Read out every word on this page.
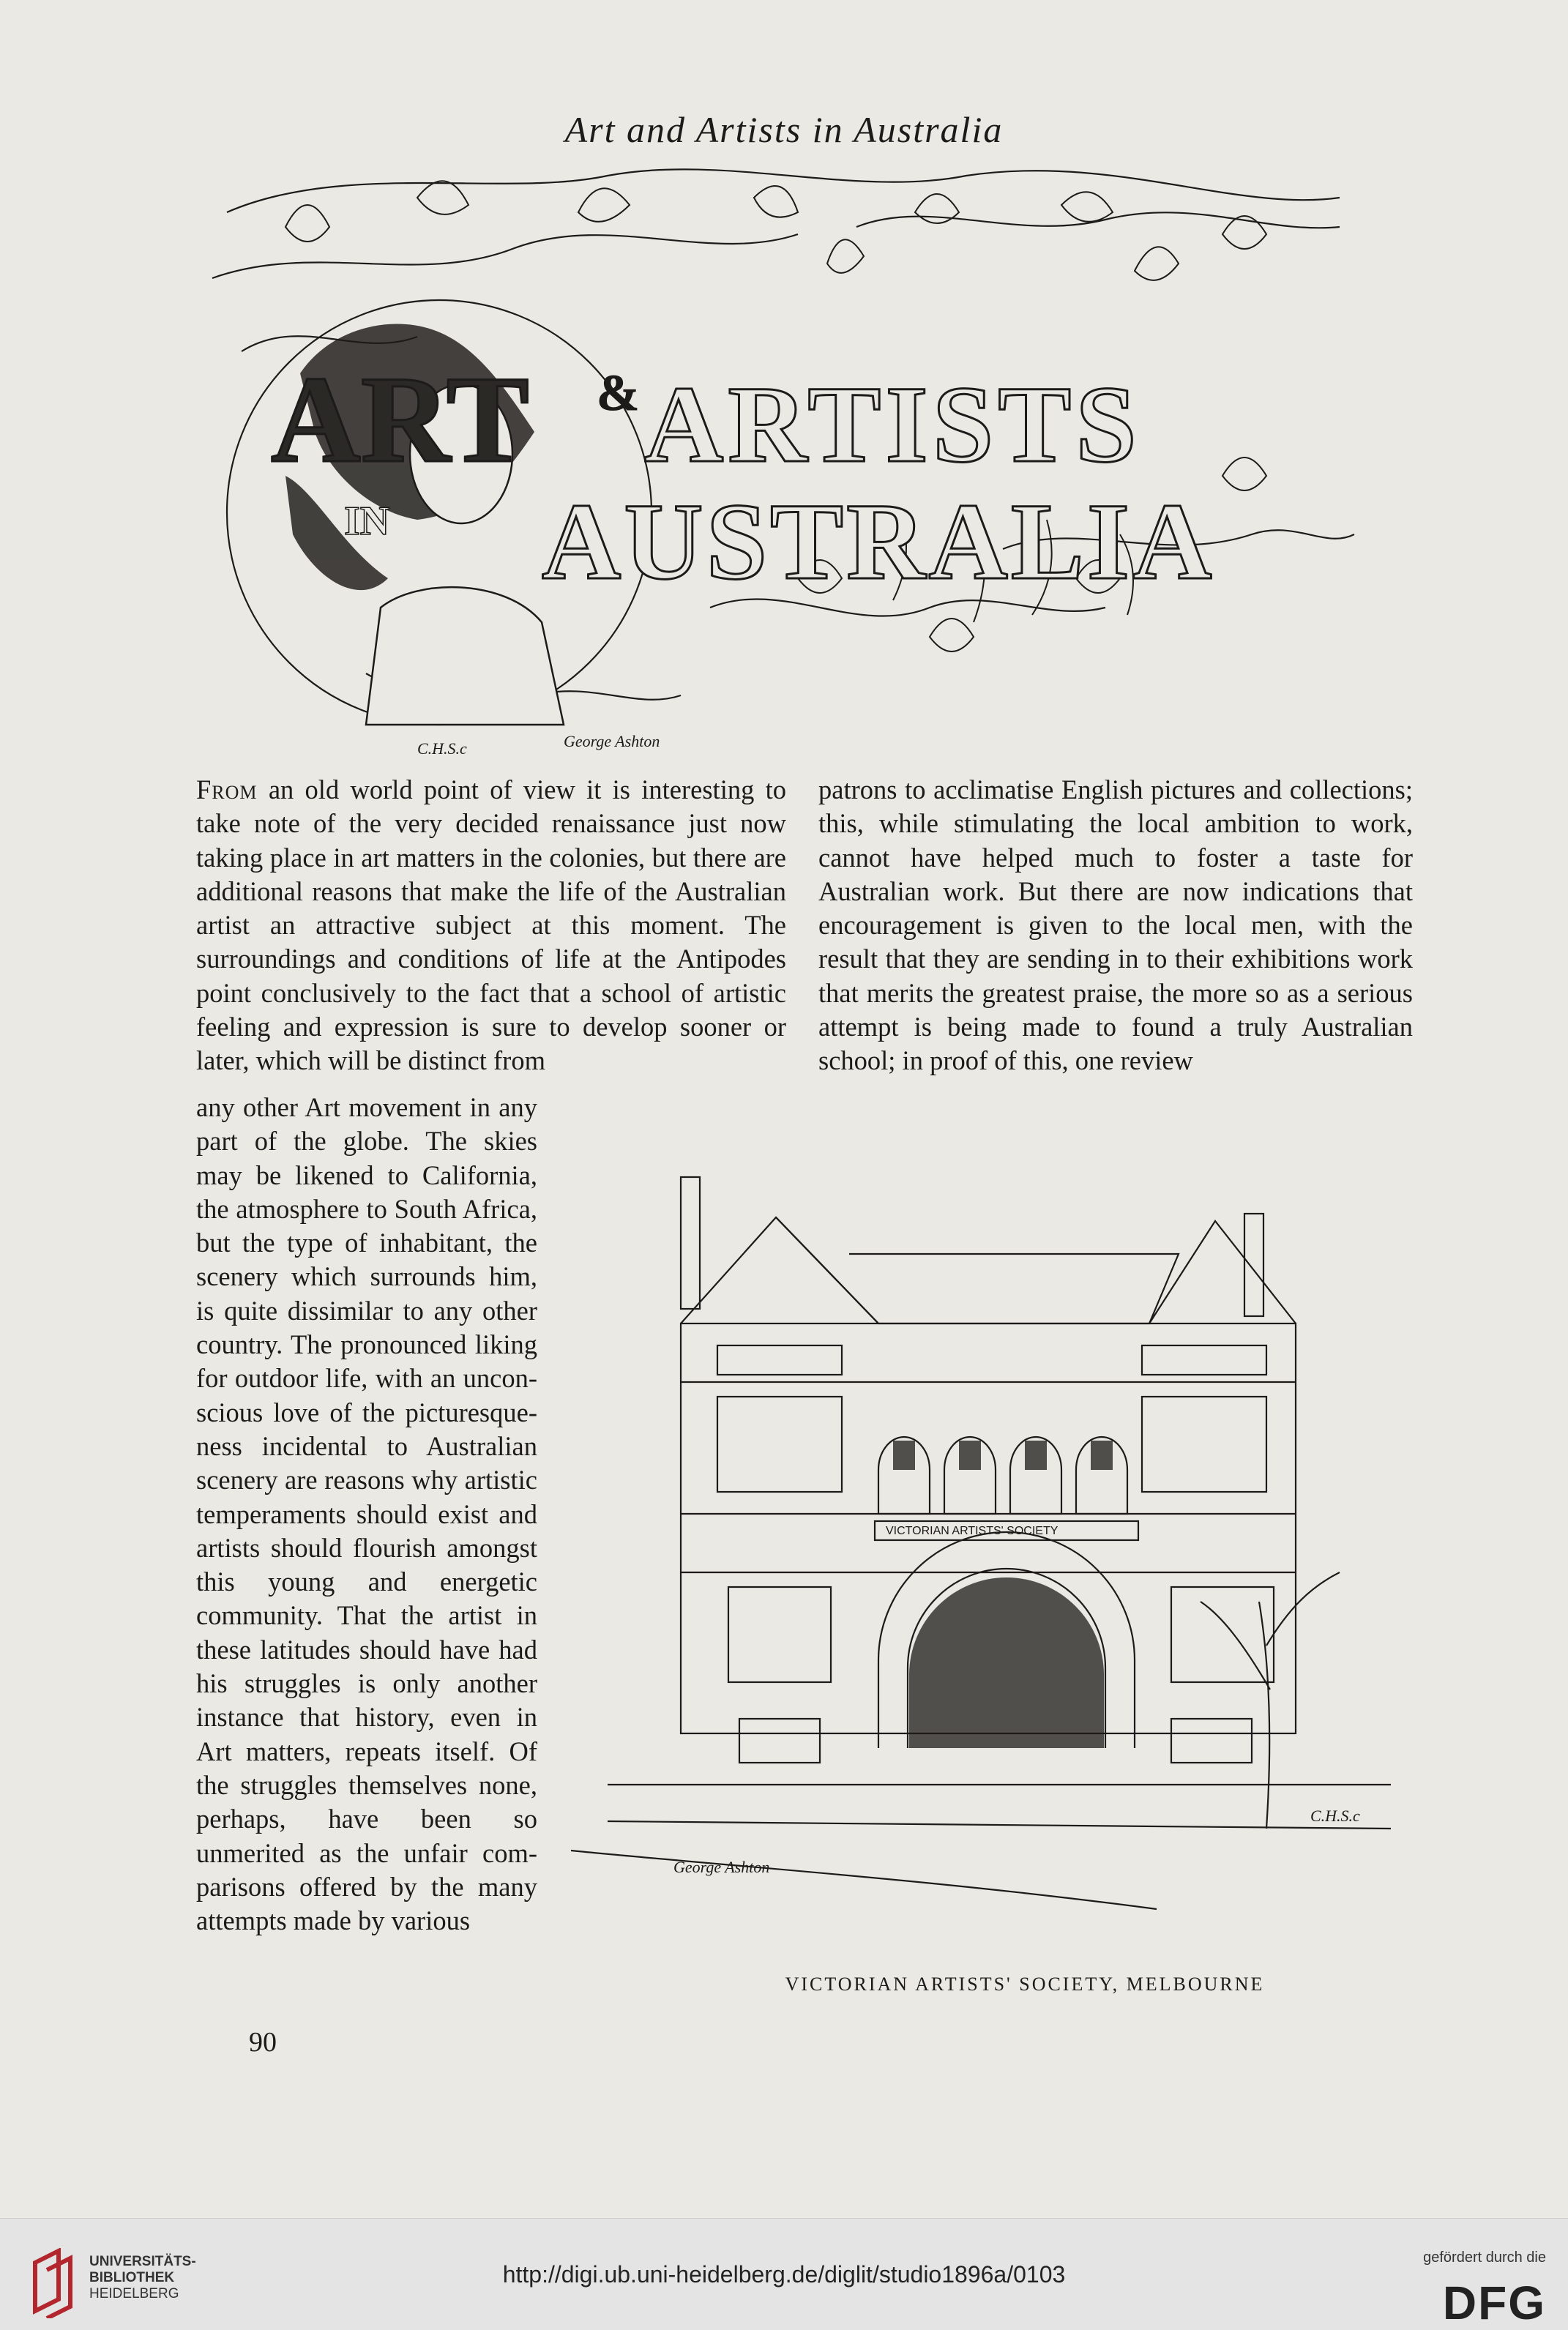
Art and Artists in Australia
ART & ARTISTS
IN AUSTRALIA
George Ashton
C.H.S.c
From an old world point of view it is interesting to take note of the very decided renaissance just now taking place in art matters in the colonies, but there are additional reasons that make the life of the Australian artist an attractive subject at this moment. The surroundings and conditions of life at the Antipodes point conclusively to the fact that a school of artistic feeling and expression is sure to develop sooner or later, which will be distinct from
patrons to acclimatise English pictures and collections; this, while stimulating the local ambition to work, cannot have helped much to foster a taste for Australian work. But there are now indications that encouragement is given to the local men, with the result that they are sending in to their exhibitions work that merits the greatest praise, the more so as a serious attempt is being made to found a truly Australian school; in proof of this, one review
any other Art movement in any part of the globe. The skies may be likened to California, the atmosphere to South Africa, but the type of inhabitant, the scenery which surrounds him, is quite dissimilar to any other country. The pronounced liking for outdoor life, with an unconscious love of the picturesqueness incidental to Australian scenery are reasons why artistic temperaments should exist and artists should flourish amongst this young and energetic community. That the artist in these latitudes should have had his struggles is only another instance that history, even in Art matters, repeats itself. Of the struggles themselves none, perhaps, have been so unmerited as the unfair comparisons offered by the many attempts made by various
VICTORIAN ARTISTS' SOCIETY
George Ashton
C.H.S.c
VICTORIAN ARTISTS' SOCIETY, MELBOURNE
90
UNIVERSITÄTS-
BIBLIOTHEK
HEIDELBERG
http://digi.ub.uni-heidelberg.de/diglit/studio1896a/0103
gefördert durch die
DFG
